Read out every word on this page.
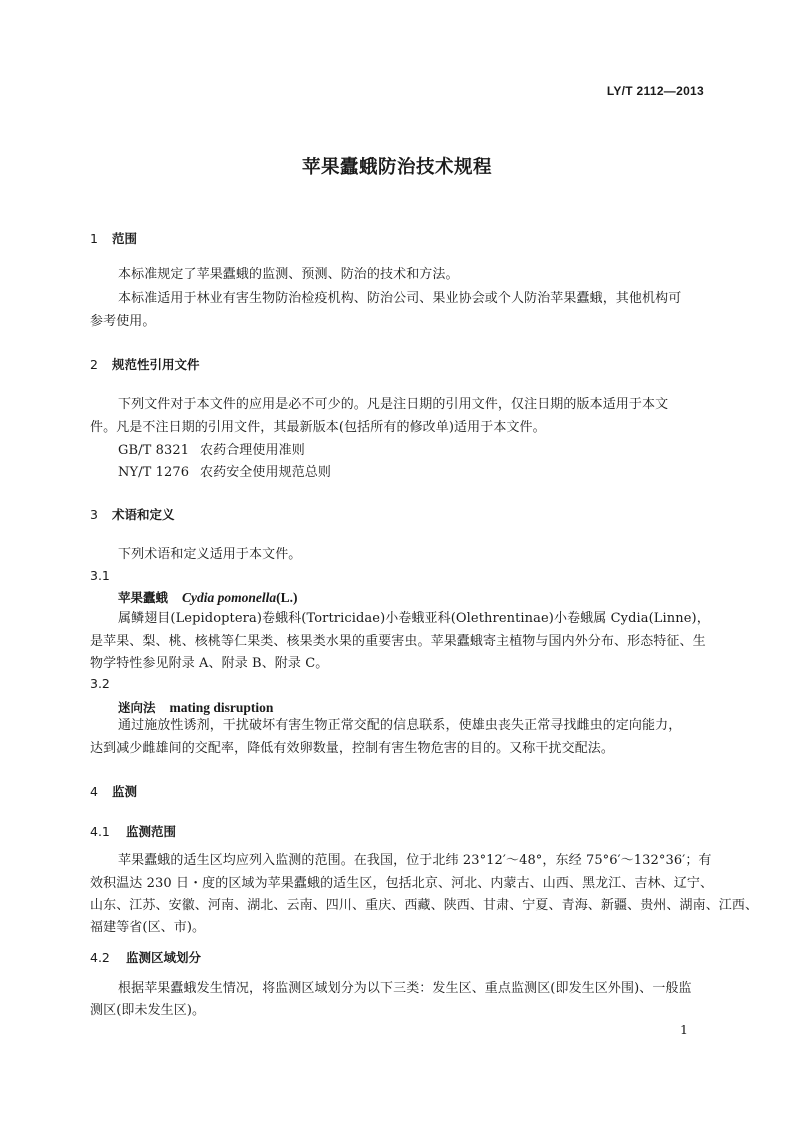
LY/T 2112—2013
苹果蠹蛾防治技术规程
1 范围
本标准规定了苹果蠹蛾的监测、预测、防治的技术和方法。
本标准适用于林业有害生物防治检疫机构、防治公司、果业协会或个人防治苹果蠹蛾，其他机构可
参考使用。
2 规范性引用文件
下列文件对于本文件的应用是必不可少的。凡是注日期的引用文件，仅注日期的版本适用于本文
件。凡是不注日期的引用文件，其最新版本(包括所有的修改单)适用于本文件。
GB/T 8321 农药合理使用准则
NY/T 1276 农药安全使用规范总则
3 术语和定义
下列术语和定义适用于本文件。
3.1
苹果蠹蛾 Cydia pomonella(L.)
属鳞翅目(Lepidoptera)卷蛾科(Tortricidae)小卷蛾亚科(Olethrentinae)小卷蛾属 Cydia(Linne)，
是苹果、梨、桃、核桃等仁果类、核果类水果的重要害虫。苹果蠹蛾寄主植物与国内外分布、形态特征、生
物学特性参见附录 A、附录 B、附录 C。
3.2
迷向法 mating disruption
通过施放性诱剂，干扰破坏有害生物正常交配的信息联系，使雄虫丧失正常寻找雌虫的定向能力，
达到减少雌雄间的交配率，降低有效卵数量，控制有害生物危害的目的。又称干扰交配法。
4 监测
4.1 监测范围
苹果蠹蛾的适生区均应列入监测的范围。在我国，位于北纬 23°12′～48°，东经 75°6′～132°36′；有
效积温达 230 日・度的区域为苹果蠹蛾的适生区，包括北京、河北、内蒙古、山西、黑龙江、吉林、辽宁、
山东、江苏、安徽、河南、湖北、云南、四川、重庆、西藏、陕西、甘肃、宁夏、青海、新疆、贵州、湖南、江西、
福建等省(区、市)。
4.2 监测区域划分
根据苹果蠹蛾发生情况，将监测区域划分为以下三类：发生区、重点监测区(即发生区外围)、一般监
测区(即未发生区)。
1
